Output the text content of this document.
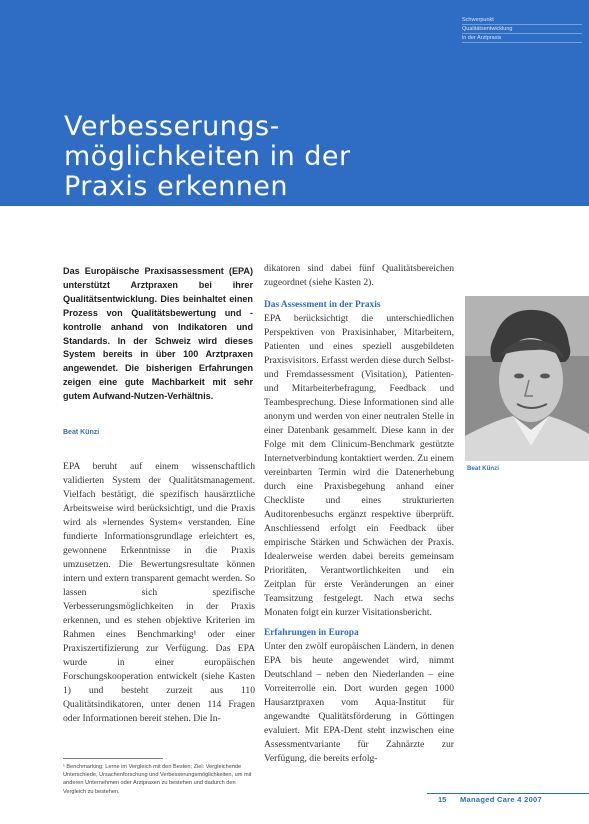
Schwerpunkt
Qualitätsentwicklung
in der Arztpraxis
Verbesserungs-
möglichkeiten in der
Praxis erkennen

Das Europäische Praxisassessment (EPA) unterstützt Arztpraxen bei ihrer Qualitätsentwicklung. Dies beinhaltet einen Prozess von Qualitätsbewertung und -kontrolle anhand von Indikatoren und Standards. In der Schweiz wird dieses System bereits in über 100 Arztpraxen angewendet. Die bisherigen Erfahrungen zeigen eine gute Machbarkeit mit sehr gutem Aufwand-Nutzen-Verhältnis.

Beat Künzi

EPA beruht auf einem wissenschaftlich validierten System der Qualitätsmanagement. Vielfach bestätigt, die spezifisch hausärztliche Arbeitsweise wird berücksichtigt, und die Praxis wird als »lernendes System« verstanden. Eine fundierte Informationsgrundlage erleichtert es, gewonnene Erkenntnisse in die Praxis umzusetzen. Die Bewertungsresultate können intern und extern transparent gemacht werden. So lassen sich spezifische Verbesserungsmöglichkeiten in der Praxis erkennen, und es stehen objektive Kriterien im Rahmen eines Benchmarking¹ oder einer Praxiszertifizierung zur Verfügung. Das EPA wurde in einer europäischen Forschungskooperation entwickelt (siehe Kasten 1) und besteht zurzeit aus 110 Qualitätsindikatoren, unter denen 114 Fragen oder Informationen bereit stehen. Die In-

¹ Benchmarking: Lerne im Vergleich mit den Besten; Ziel: Vergleichende Unterschiede, Ursachenforschung und Verbesserungsmöglichkeiten, um mit anderen Unternehmen oder Arztpraxen zu bestehen und dadurch den Vergleich zu bestehen.

dikatoren sind dabei fünf Qualitätsbereichen zugeordnet (siehe Kasten 2).

Das Assessment in der Praxis

EPA berücksichtigt die unterschiedlichen Perspektiven von Praxisinhaber, Mitarbeitern, Patienten und eines speziell ausgebildeten Praxisvisitors. Erfasst werden diese durch Selbst- und Fremdassessment (Visitation), Patienten- und Mitarbeiterbefragung, Feedback und Teambesprechung. Diese Informationen sind alle anonym und werden von einer neutralen Stelle in einer Datenbank gesammelt. Diese kann in der Folge mit dem Clinicum-Benchmark gestützte Internetverbindung kontaktiert werden. Zu einem vereinbarten Termin wird die Datenerhebung durch eine Praxisbegehung anhand einer Checkliste und eines strukturierten Auditorenbesuchs ergänzt respektive überprüft. Anschliessend erfolgt ein Feedback über empirische Stärken und Schwächen der Praxis. Idealerweise werden dabei bereits gemeinsam Prioritäten, Verantwortlichkeiten und ein Zeitplan für erste Veränderungen an einer Teamsitzung festgelegt. Nach etwa sechs Monaten folgt ein kurzer Visitationsbericht.

Erfahrungen in Europa

Unter den zwölf europäischen Ländern, in denen EPA bis heute angewendet wird, nimmt Deutschland – neben den Niederlanden – eine Vorreiterrolle ein. Dort wurden gegen 1000 Hausarztpraxen vom Aqua-Institut für angewandte Qualitätsförderung in Göttingen evaluiert. Mit EPA-Dent steht inzwischen eine Assessmentvariante für Zahnärzte zur Verfügung, die bereits erfolg-

Beat Künzi
15 Managed Care 4 2007
